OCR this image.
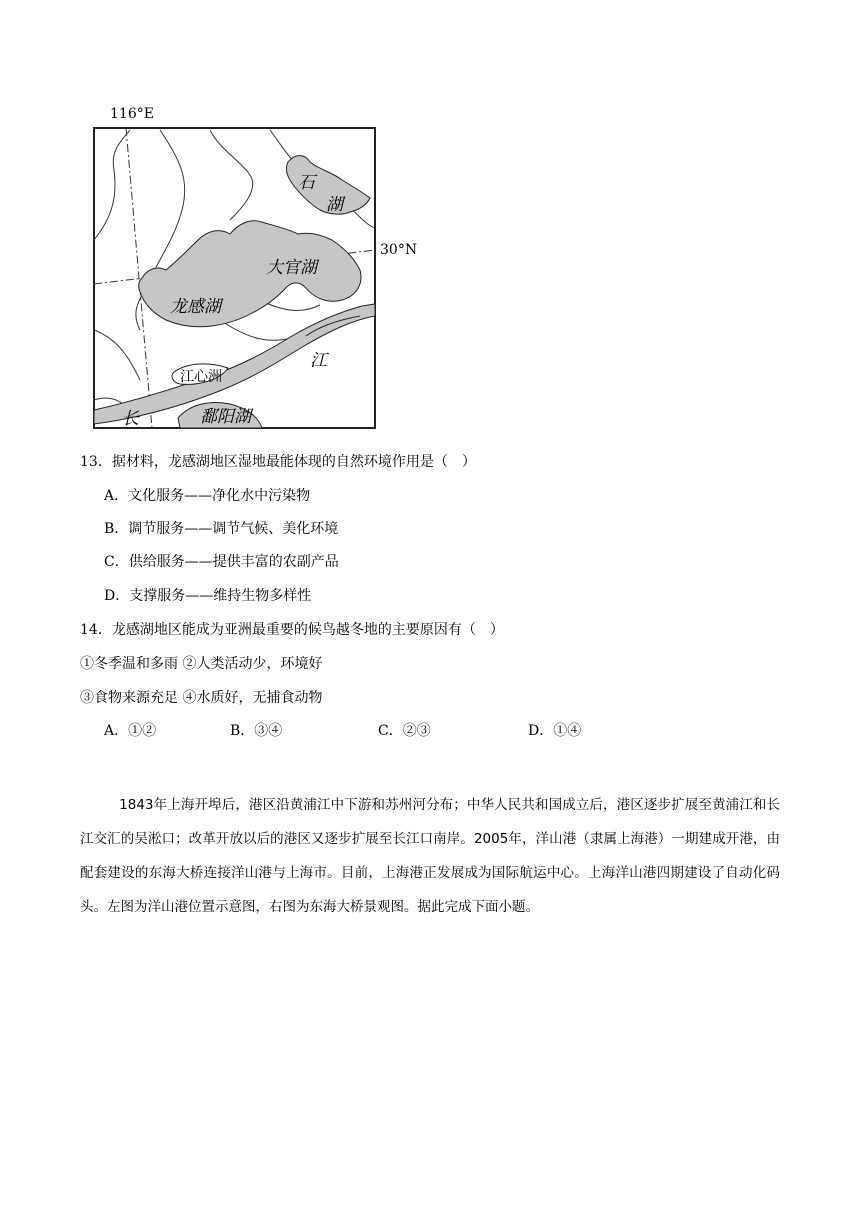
116°E
30°N
石
湖
大官湖
龙感湖
江
长
江心洲
鄱阳湖
13．据材料，龙感湖地区湿地最能体现的自然环境作用是（　）
A．文化服务——净化水中污染物
B．调节服务——调节气候、美化环境
C．供给服务——提供丰富的农副产品
D．支撑服务——维持生物多样性
14．龙感湖地区能成为亚洲最重要的候鸟越冬地的主要原因有（　）
①冬季温和多雨 ②人类活动少，环境好
③食物来源充足 ④水质好，无捕食动物
A．①②	B．③④	C．②③	D．①④
1843年上海开埠后，港区沿黄浦江中下游和苏州河分布；中华人民共和国成立后，港区逐步扩展至黄浦江和长江交汇的吴淞口；改革开放以后的港区又逐步扩展至长江口南岸。2005年，洋山港（隶属上海港）一期建成开港，由配套建设的东海大桥连接洋山港与上海市。目前，上海港正发展成为国际航运中心。上海洋山港四期建设了自动化码头。左图为洋山港位置示意图，右图为东海大桥景观图。据此完成下面小题。
